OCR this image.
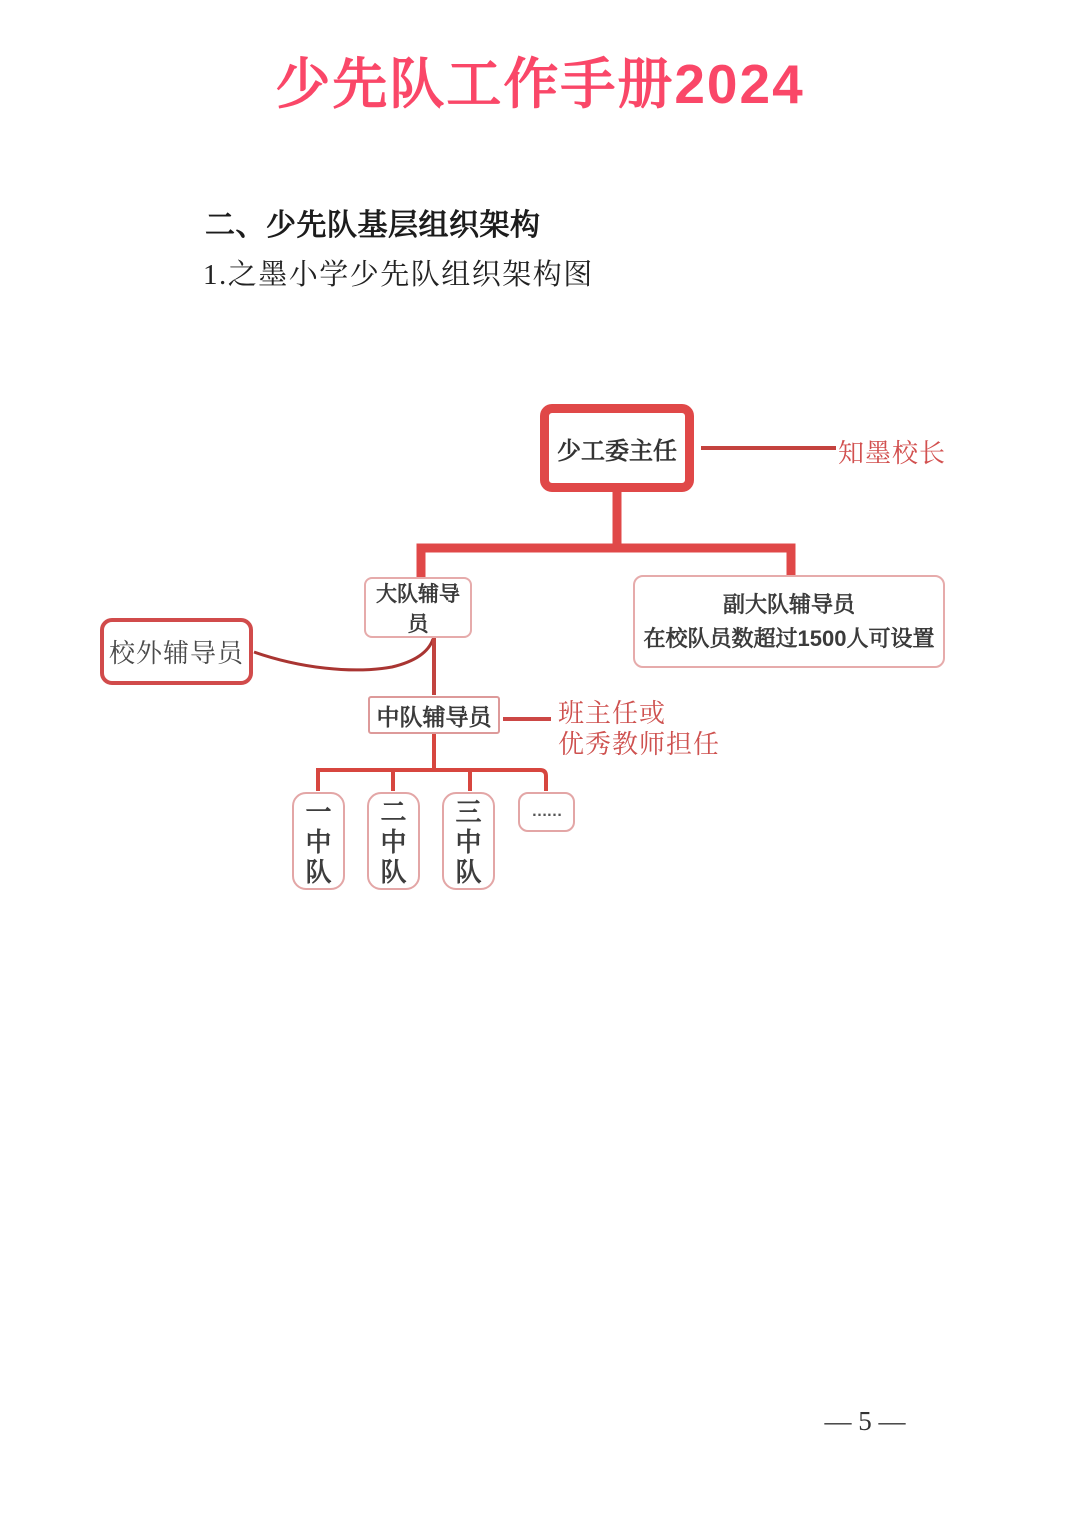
少先队工作手册2024
二、少先队基层组织架构
1.之墨小学少先队组织架构图
少工委主任	知墨校长
大队辅导员
副大队辅导员
在校队员数超过1500人可设置
校外辅导员
中队辅导员	班主任或
优秀教师担任
一中队
二中队
三中队
……
— 5 —
